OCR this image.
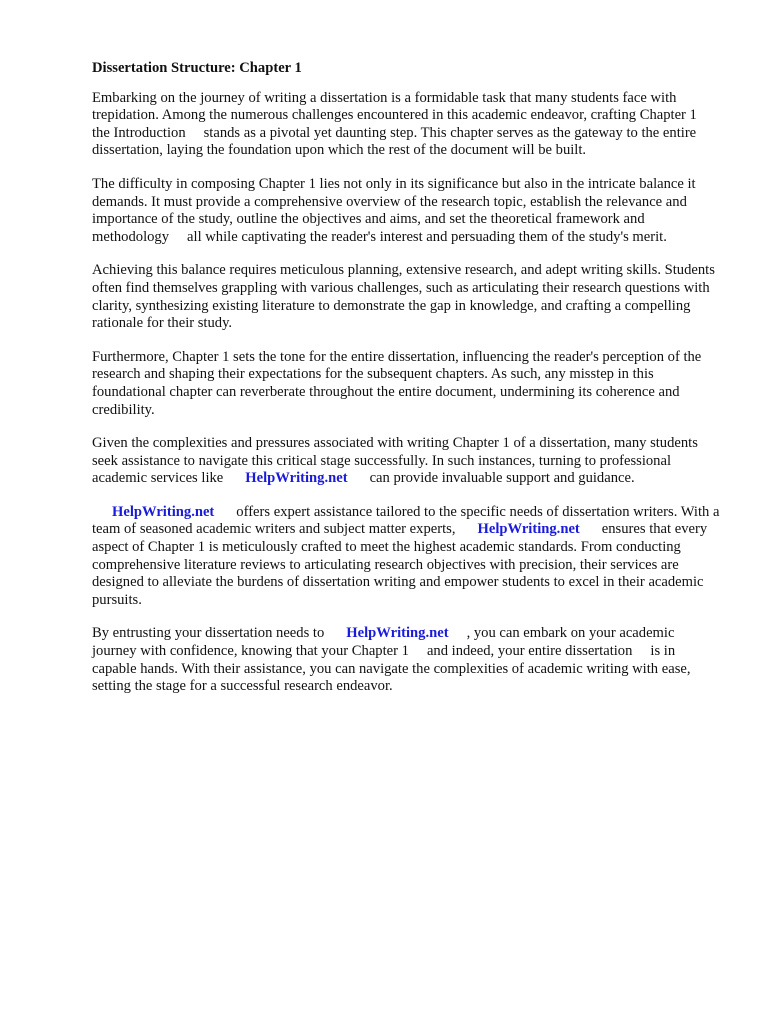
Dissertation Structure: Chapter 1

Embarking on the journey of writing a dissertation is a formidable task that many students face with trepidation. Among the numerous challenges encountered in this academic endeavor, crafting Chapter 1the Introduction stands as a pivotal yet daunting step. This chapter serves as the gateway to the entire dissertation, laying the foundation upon which the rest of the document will be built.

The difficulty in composing Chapter 1 lies not only in its significance but also in the intricate balance it demands. It must provide a comprehensive overview of the research topic, establish the relevance and importance of the study, outline the objectives and aims, and set the theoretical framework and methodology all while captivating the reader's interest and persuading them of the study's merit.

Achieving this balance requires meticulous planning, extensive research, and adept writing skills. Students often find themselves grappling with various challenges, such as articulating their research questions with clarity, synthesizing existing literature to demonstrate the gap in knowledge, and crafting a compelling rationale for their study.

Furthermore, Chapter 1 sets the tone for the entire dissertation, influencing the reader's perception of the research and shaping their expectations for the subsequent chapters. As such, any misstep in this foundational chapter can reverberate throughout the entire document, undermining its coherence and credibility.

Given the complexities and pressures associated with writing Chapter 1 of a dissertation, many students seek assistance to navigate this critical stage successfully. In such instances, turning to professional academic services like HelpWriting.net can provide invaluable support and guidance.

HelpWriting.net offers expert assistance tailored to the specific needs of dissertation writers. With a team of seasoned academic writers and subject matter experts, HelpWriting.net ensures that every aspect of Chapter 1 is meticulously crafted to meet the highest academic standards. From conducting comprehensive literature reviews to articulating research objectives with precision, their services are designed to alleviate the burdens of dissertation writing and empower students to excel in their academic pursuits.

By entrusting your dissertation needs to HelpWriting.net , you can embark on your academic journey with confidence, knowing that your Chapter 1 and indeed, your entire dissertation is in capable hands. With their assistance, you can navigate the complexities of academic writing with ease, setting the stage for a successful research endeavor.
